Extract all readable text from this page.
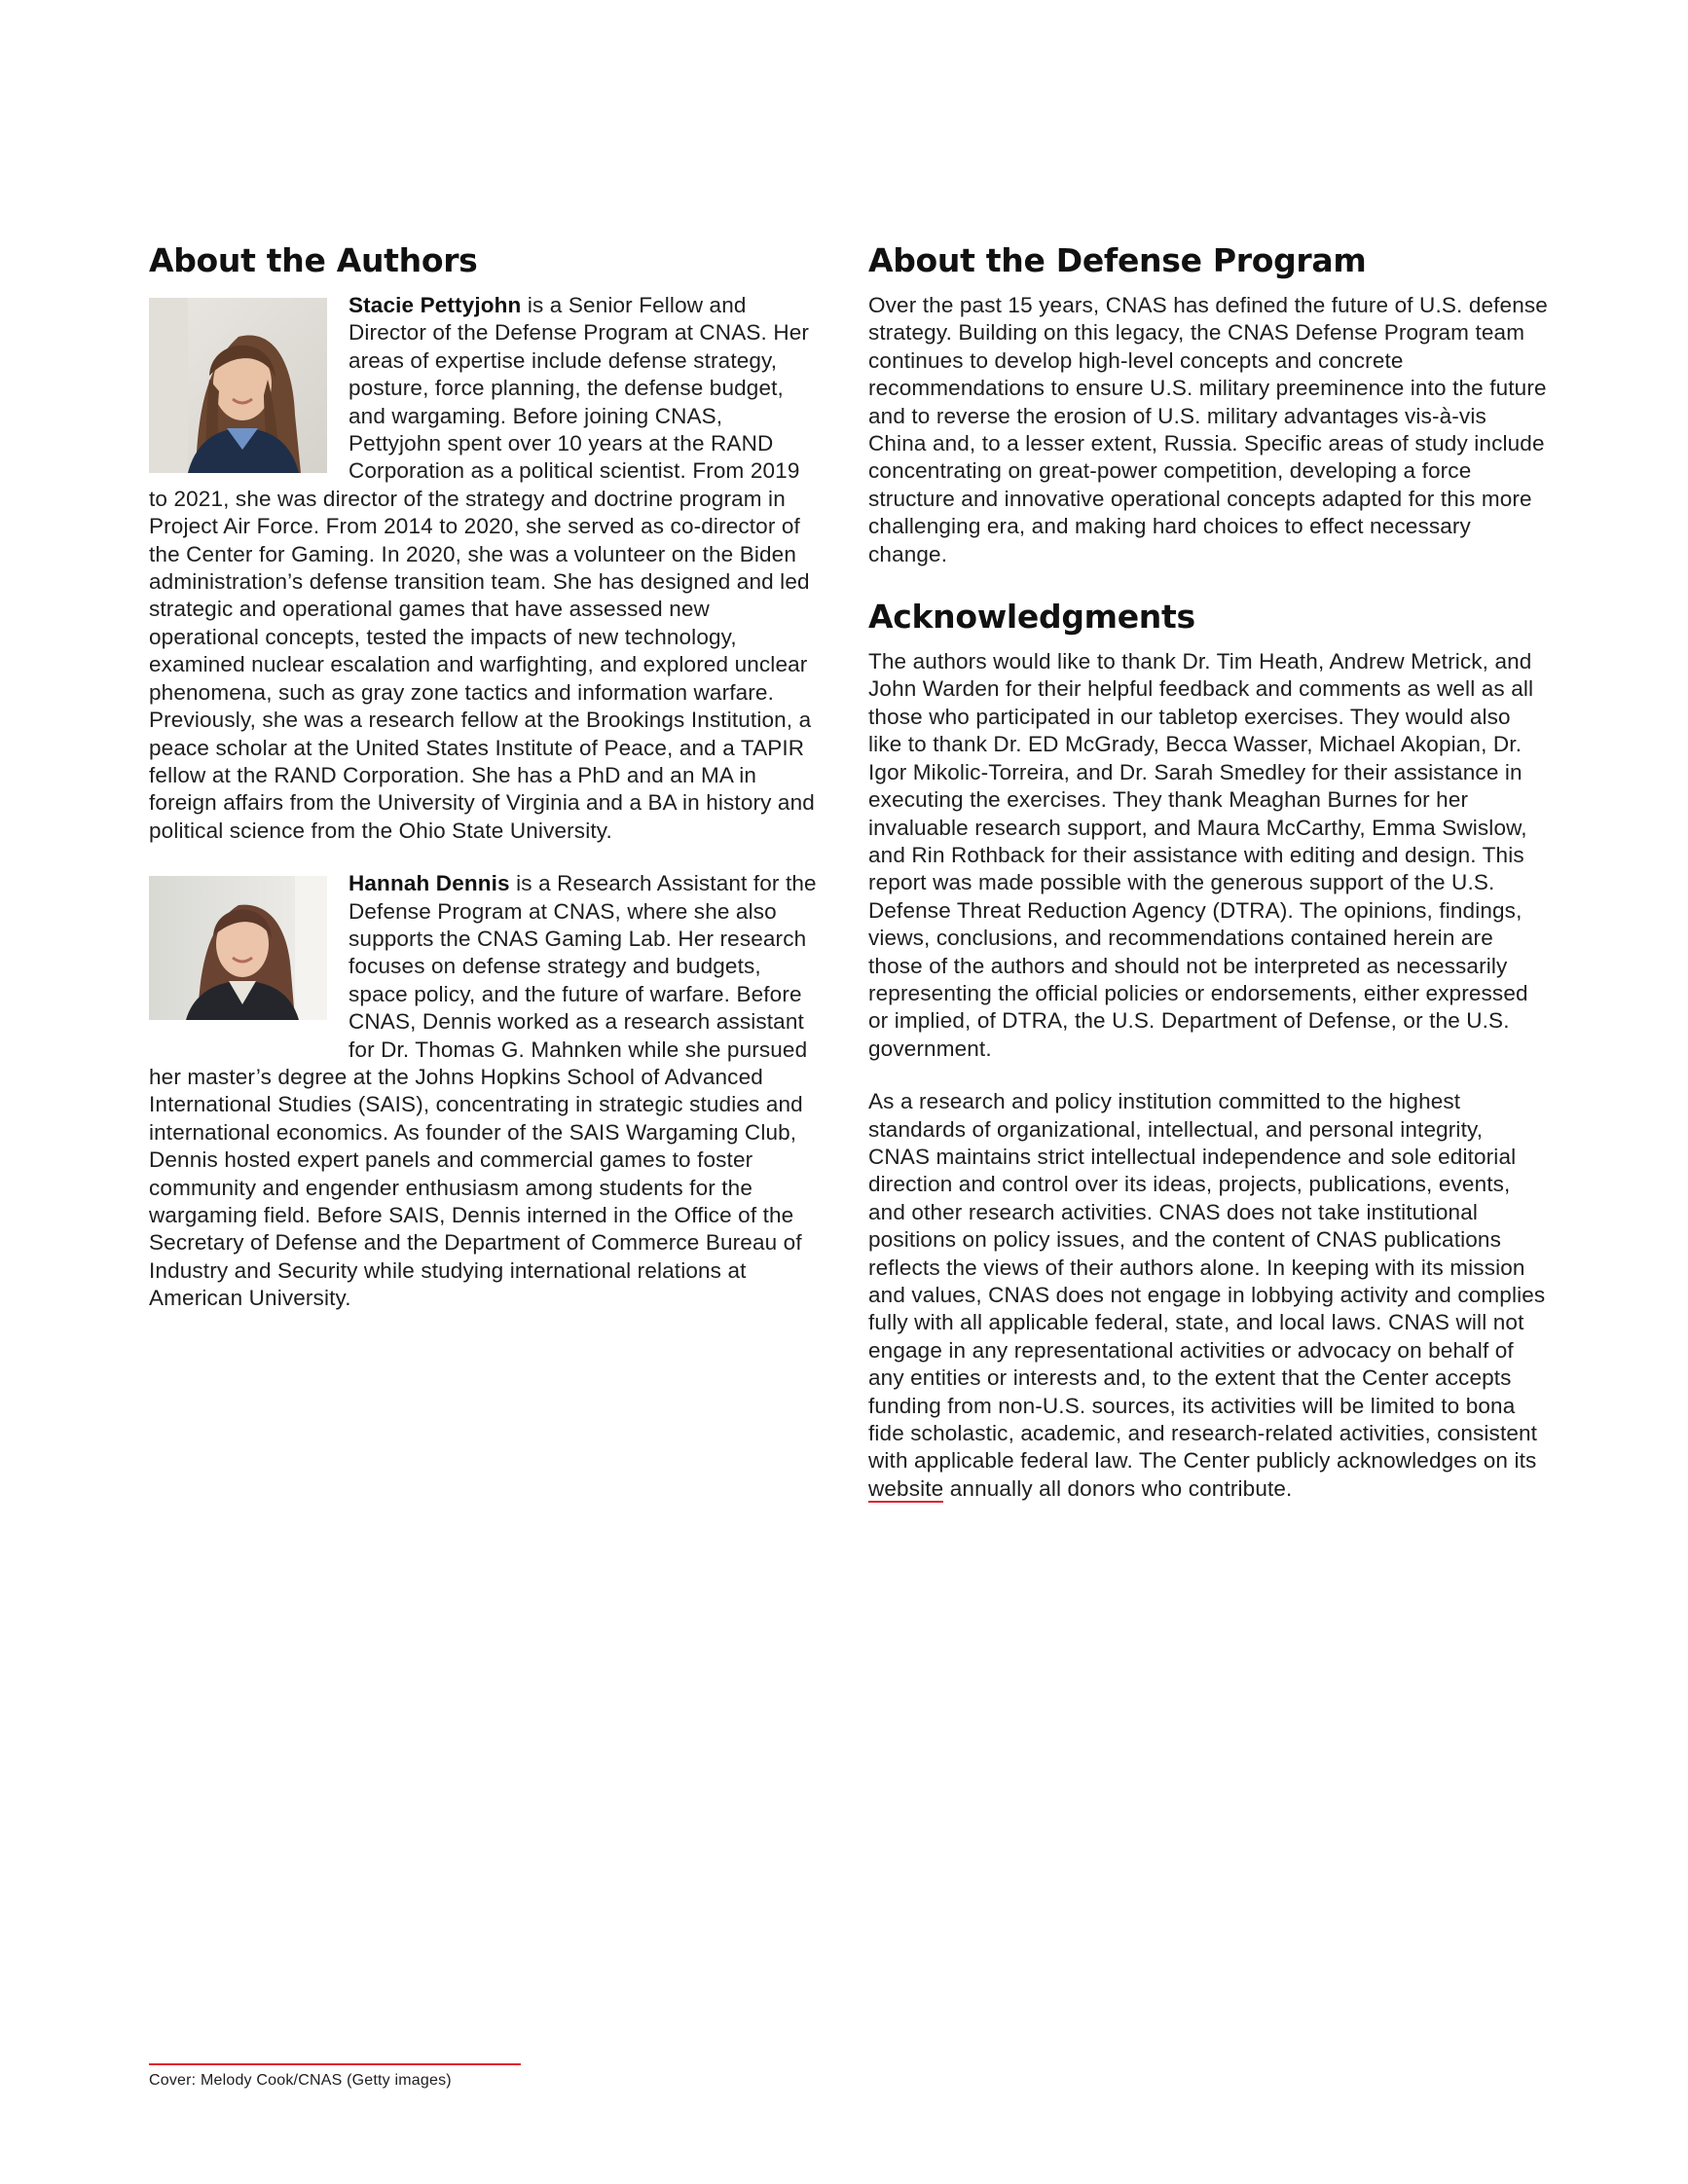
About the Authors

Stacie Pettyjohn is a Senior Fellow and Director of the Defense Program at CNAS. Her areas of expertise include defense strategy, posture, force planning, the defense budget, and wargaming. Before joining CNAS, Pettyjohn spent over 10 years at the RAND Corporation as a political scientist. From 2019 to 2021, she was director of the strategy and doctrine program in Project Air Force. From 2014 to 2020, she served as co-director of the Center for Gaming. In 2020, she was a volunteer on the Biden administration’s defense transition team. She has designed and led strategic and operational games that have assessed new operational concepts, tested the impacts of new technology, examined nuclear escalation and warfighting, and explored unclear phenomena, such as gray zone tactics and information warfare. Previously, she was a research fellow at the Brookings Institution, a peace scholar at the United States Institute of Peace, and a TAPIR fellow at the RAND Corporation. She has a PhD and an MA in foreign affairs from the University of Virginia and a BA in history and political science from the Ohio State University.

Hannah Dennis is a Research Assistant for the Defense Program at CNAS, where she also supports the CNAS Gaming Lab. Her research focuses on defense strategy and budgets, space policy, and the future of warfare. Before CNAS, Dennis worked as a research assistant for Dr. Thomas G. Mahnken while she pursued her master’s degree at the Johns Hopkins School of Advanced International Studies (SAIS), concentrating in strategic studies and international economics. As founder of the SAIS Wargaming Club, Dennis hosted expert panels and commercial games to foster community and engender enthusiasm among students for the wargaming field. Before SAIS, Dennis interned in the Office of the Secretary of Defense and the Department of Commerce Bureau of Industry and Security while studying international relations at American University.

About the Defense Program

Over the past 15 years, CNAS has defined the future of U.S. defense strategy. Building on this legacy, the CNAS Defense Program team continues to develop high-level concepts and concrete recommendations to ensure U.S. military preeminence into the future and to reverse the erosion of U.S. military advantages vis-à-vis China and, to a lesser extent, Russia. Specific areas of study include concentrating on great-power competition, developing a force structure and innovative operational concepts adapted for this more challenging era, and making hard choices to effect necessary change.

Acknowledgments

The authors would like to thank Dr. Tim Heath, Andrew Metrick, and John Warden for their helpful feedback and comments as well as all those who participated in our tabletop exercises. They would also like to thank Dr. ED McGrady, Becca Wasser, Michael Akopian, Dr. Igor Mikolic-Torreira, and Dr. Sarah Smedley for their assistance in executing the exercises. They thank Meaghan Burnes for her invaluable research support, and Maura McCarthy, Emma Swislow, and Rin Rothback for their assistance with editing and design. This report was made possible with the generous support of the U.S. Defense Threat Reduction Agency (DTRA). The opinions, findings, views, conclusions, and recommendations contained herein are those of the authors and should not be interpreted as necessarily representing the official policies or endorsements, either expressed or implied, of DTRA, the U.S. Department of Defense, or the U.S. government.

As a research and policy institution committed to the highest standards of organizational, intellectual, and personal integrity, CNAS maintains strict intellectual independence and sole editorial direction and control over its ideas, projects, publications, events, and other research activities. CNAS does not take institutional positions on policy issues, and the content of CNAS publications reflects the views of their authors alone. In keeping with its mission and values, CNAS does not engage in lobbying activity and complies fully with all applicable federal, state, and local laws. CNAS will not engage in any representational activities or advocacy on behalf of any entities or interests and, to the extent that the Center accepts funding from non-U.S. sources, its activities will be limited to bona fide scholastic, academic, and research-related activities, consistent with applicable federal law. The Center publicly acknowledges on its website annually all donors who contribute.

Cover: Melody Cook/CNAS (Getty images)
